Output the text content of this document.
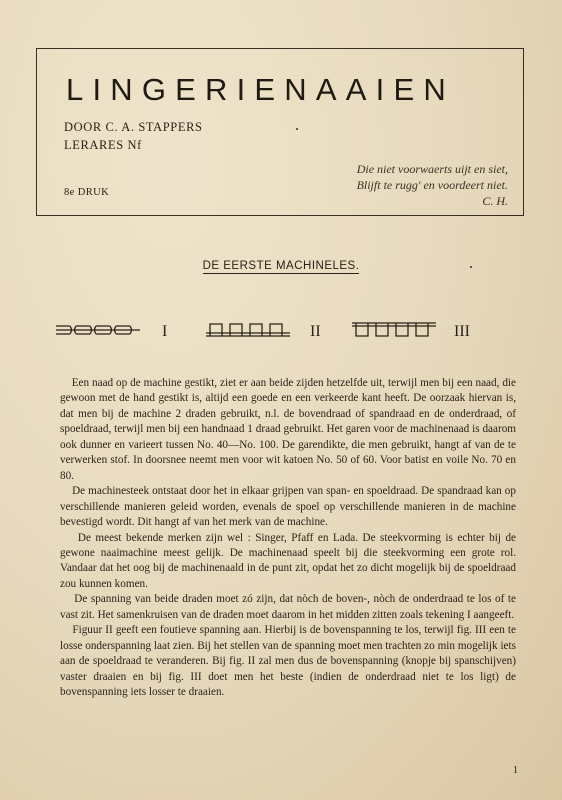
LINGERIENAAIEN
DOOR C. A. STAPPERS
LERARES Nf
8e DRUK
Die niet voorwaerts uijt en siet,
Blijft te rugg' en voordeert niet.
C. H.
DE EERSTE MACHINELES.
I	II	III

Een naad op de machine gestikt, ziet er aan beide zijden hetzelfde uit, terwijl men bij een naad, die gewoon met de hand gestikt is, altijd een goede en een verkeerde kant heeft. De oorzaak hiervan is, dat men bij de machine 2 draden gebruikt, n.l. de bovendraad of spandraad en de onderdraad, of spoeldraad, terwijl men bij een handnaad 1 draad gebruikt. Het garen voor de machinenaad is daarom ook dunner en varieert tussen No. 40—No. 100. De garendikte, die men gebruikt, hangt af van de te verwerken stof. In doorsnee neemt men voor wit katoen No. 50 of 60. Voor batist en voile No. 70 en 80.

De machinesteek ontstaat door het in elkaar grijpen van span- en spoeldraad. De spandraad kan op verschillende manieren geleid worden, evenals de spoel op verschillende manieren in de machine bevestigd wordt. Dit hangt af van het merk van de machine.

De meest bekende merken zijn wel : Singer, Pfaff en Lada. De steekvorming is echter bij de gewone naaimachine meest gelijk. De machinenaad speelt bij die steekvorming een grote rol. Vandaar dat het oog bij de machinenaald in de punt zit, opdat het zo dicht mogelijk bij de spoeldraad zou kunnen komen.

De spanning van beide draden moet zó zijn, dat nòch de boven-, nòch de onderdraad te los of te vast zit. Het samenkruisen van de draden moet daarom in het midden zitten zoals tekening I aangeeft.

Figuur II geeft een foutieve spanning aan. Hierbij is de bovenspanning te los, terwijl fig. III een te losse onderspanning laat zien. Bij het stellen van de spanning moet men trachten zo min mogelijk iets aan de spoeldraad te veranderen. Bij fig. II zal men dus de bovenspanning (knopje bij spanschijven) vaster draaien en bij fig. III doet men het beste (indien de onderdraad niet te los ligt) de bovenspanning iets losser te draaien.

1
